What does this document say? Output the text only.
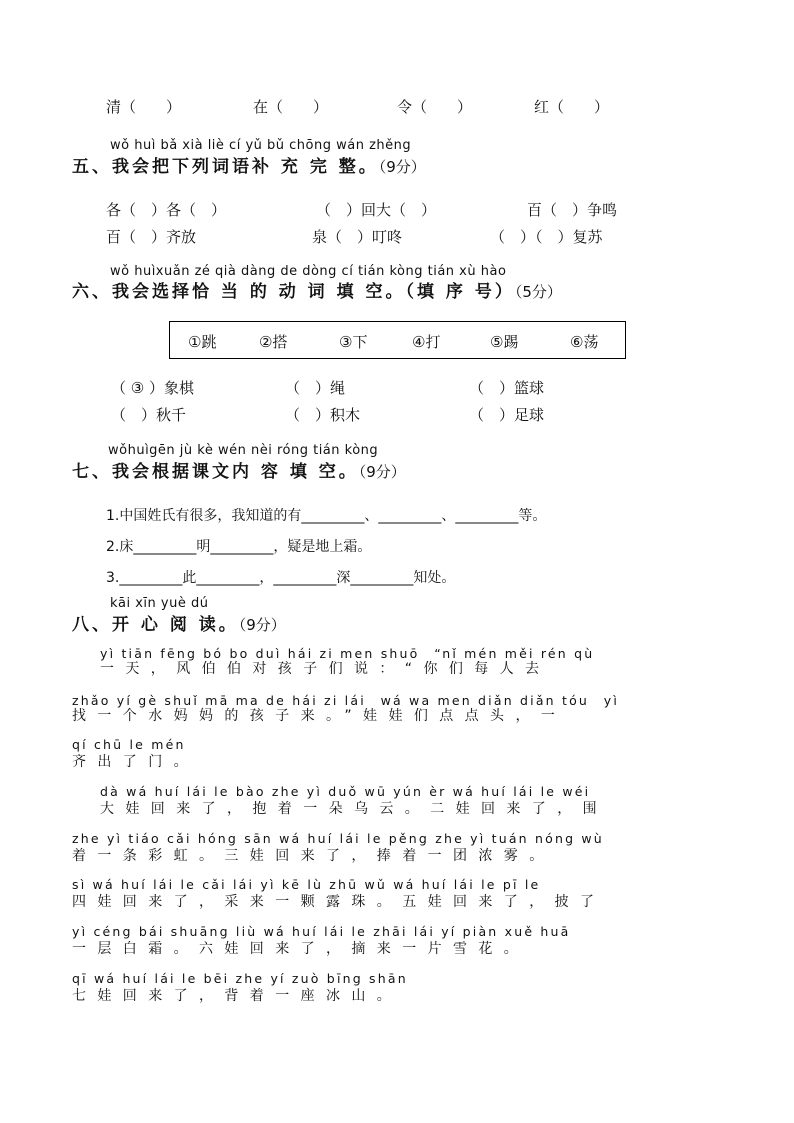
清（　　）	在（　　）	令（　　）	红（　　）
wǒ huì bǎ xià liè cí yǔ bǔ chōng wán zhěng
五、我会把下列词语补 充 完 整。（9分）
各（　）各（　）	（　）回大（　）	百（　）争鸣
百（　）齐放	泉（　）叮咚	（　）（　）复苏
wǒ huìxuǎn zé qià dàng de dòng cí tián kòng tián xù hào
六、我会选择恰 当 的 动 词 填 空。（填 序 号）（5分）
①跳	②搭	③下	④打	⑤踢	⑥荡
（ ③ ）象棋	（　）绳	（　）篮球
（　）秋千	（　）积木	（　）足球
wǒhuìgēn jù kè wén nèi róng tián kòng
七、我会根据课文内 容 填 空。（9分）
1.中国姓氏有很多，我知道的有_________、_________、_________等。
2.床_________明_________，疑是地上霜。
3._________此_________，_________深_________知处。
kāi xīn yuè dú
八、开 心 阅 读。（9分）
yì tiān fēng bó bo duì hái zi men shuō　“nǐ mén měi rén qù
一天，风伯伯对孩子们说：“你们每人去
zhǎo yí gè shuǐ mā ma de hái zi lái　wá wa men diǎn diǎn tóu　yì
找一个水妈妈的孩子来。”娃娃们点点头，一
qí chū le mén
齐出了门。
dà wá huí lái le bào zhe yì duǒ wū yún èr wá huí lái le wéi
大娃回来了，抱着一朵乌云。二娃回来了，围
zhe yì tiáo cǎi hóng sān wá huí lái le pěng zhe yì tuán nóng wù
着一条彩虹。三娃回来了，捧着一团浓雾。
sì wá huí lái le cǎi lái yì kē lù zhū wǔ wá huí lái le pī le
四娃回来了，采来一颗露珠。五娃回来了，披了
yì céng bái shuāng liù wá huí lái le zhāi lái yí piàn xuě huā
一层白霜。六娃回来了，摘来一片雪花。
qī wá huí lái le bēi zhe yí zuò bīng shān
七娃回来了，背着一座冰山。
